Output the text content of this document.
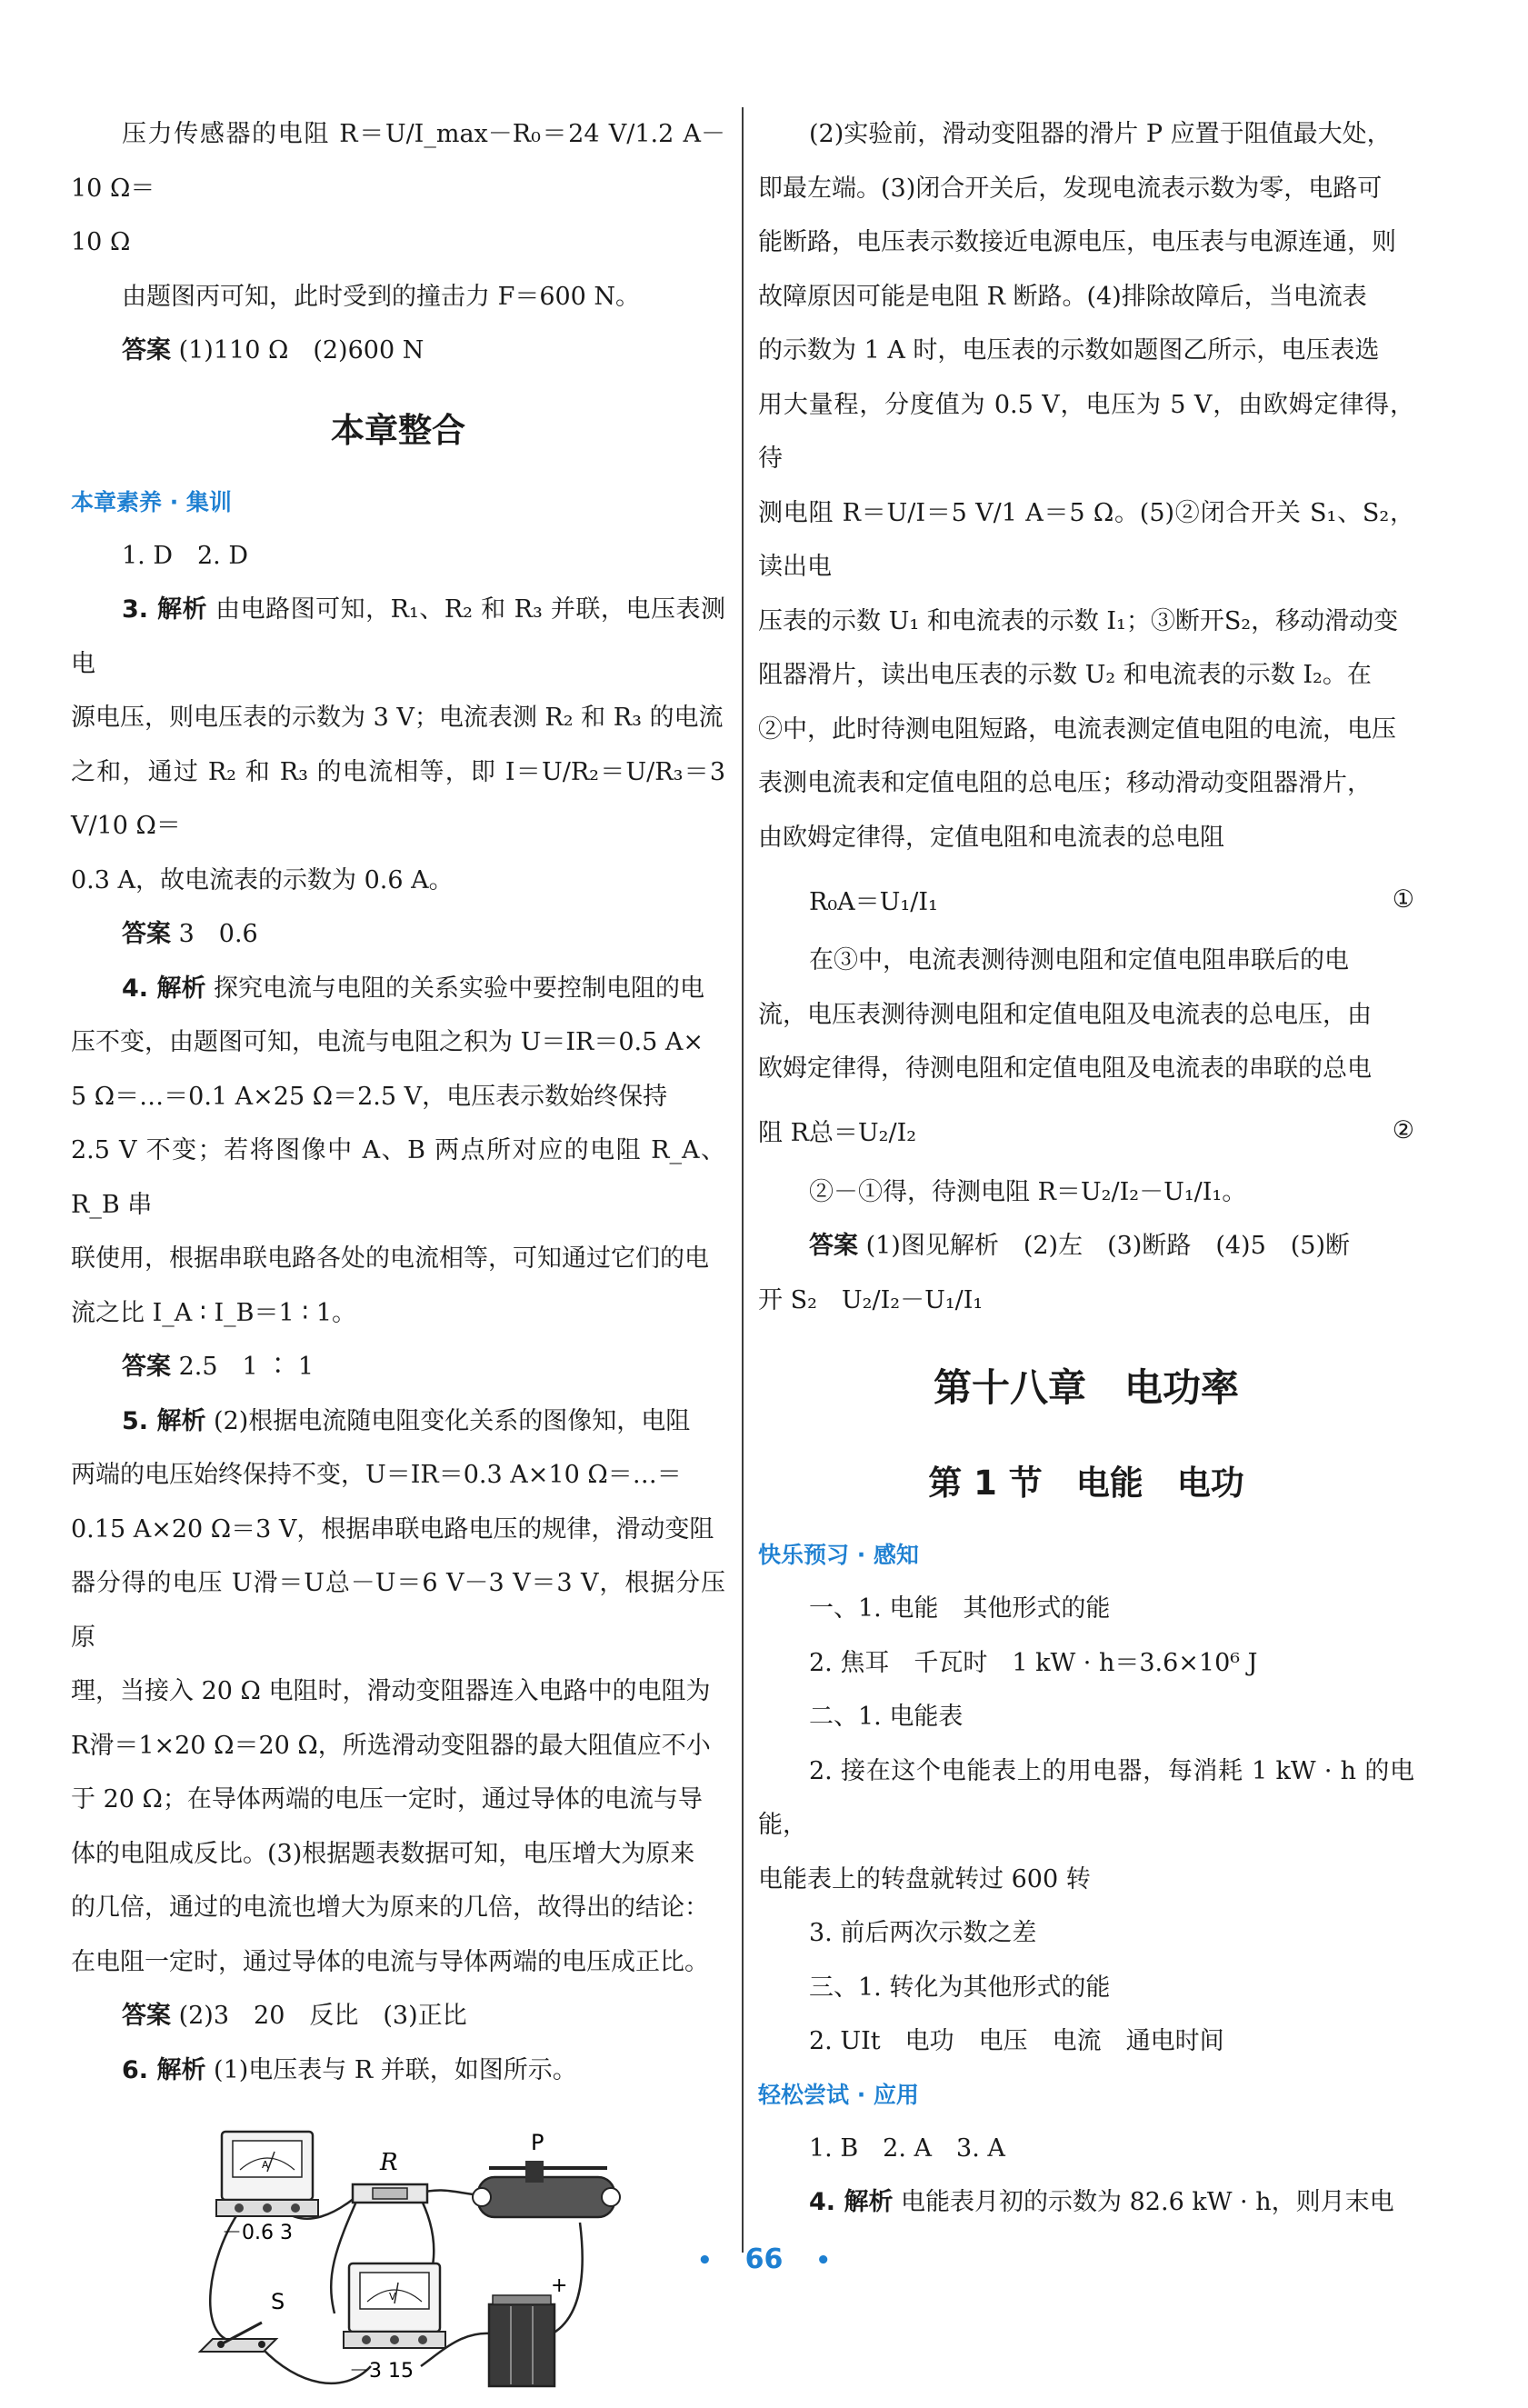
压力传感器的电阻 R＝U/I_max－R₀＝24 V/1.2 A－10 Ω＝

10 Ω

由题图丙可知，此时受到的撞击力 F＝600 N。

答案 (1)110 Ω　(2)600 N

本章整合
本章素养 · 集训

1. D　2. D

3. 解析 由电路图可知，R₁、R₂ 和 R₃ 并联，电压表测电

源电压，则电压表的示数为 3 V；电流表测 R₂ 和 R₃ 的电流

之和，通过 R₂ 和 R₃ 的电流相等，即 I＝U/R₂＝U/R₃＝3 V/10 Ω＝

0.3 A，故电流表的示数为 0.6 A。

答案 3　0.6

4. 解析 探究电流与电阻的关系实验中要控制电阻的电

压不变，由题图可知，电流与电阻之积为 U＝IR＝0.5 A×

5 Ω＝…＝0.1 A×25 Ω＝2.5 V，电压表示数始终保持

2.5 V 不变；若将图像中 A、B 两点所对应的电阻 R_A、R_B 串

联使用，根据串联电路各处的电流相等，可知通过它们的电

流之比 I_A ∶ I_B＝1 ∶ 1。

答案 2.5　1 ∶ 1

5. 解析 (2)根据电流随电阻变化关系的图像知，电阻

两端的电压始终保持不变，U＝IR＝0.3 A×10 Ω＝…＝

0.15 A×20 Ω＝3 V，根据串联电路电压的规律，滑动变阻

器分得的电压 U滑＝U总－U＝6 V－3 V＝3 V，根据分压原

理，当接入 20 Ω 电阻时，滑动变阻器连入电路中的电阻为

R滑＝1×20 Ω＝20 Ω，所选滑动变阻器的最大阻值应不小

于 20 Ω；在导体两端的电压一定时，通过导体的电流与导

体的电阻成反比。(3)根据题表数据可知，电压增大为原来

的几倍，通过的电流也增大为原来的几倍，故得出的结论：

在电阻一定时，通过导体的电流与导体两端的电压成正比。

答案 (2)3　20　反比　(3)正比

6. 解析 (1)电压表与 R 并联，如图所示。

A
－0.6 3
R
P
V
－3 15
S
+

(2)实验前，滑动变阻器的滑片 P 应置于阻值最大处，

即最左端。(3)闭合开关后，发现电流表示数为零，电路可

能断路，电压表示数接近电源电压，电压表与电源连通，则

故障原因可能是电阻 R 断路。(4)排除故障后，当电流表

的示数为 1 A 时，电压表的示数如题图乙所示，电压表选

用大量程，分度值为 0.5 V，电压为 5 V，由欧姆定律得，待

测电阻 R＝U/I＝5 V/1 A＝5 Ω。(5)②闭合开关 S₁、S₂，读出电

压表的示数 U₁ 和电流表的示数 I₁；③断开S₂，移动滑动变

阻器滑片，读出电压表的示数 U₂ 和电流表的示数 I₂。在

②中，此时待测电阻短路，电流表测定值电阻的电流，电压

表测电流表和定值电阻的总电压；移动滑动变阻器滑片，

由欧姆定律得，定值电阻和电流表的总电阻

R₀A＝U₁/I₁	①

在③中，电流表测待测电阻和定值电阻串联后的电

流，电压表测待测电阻和定值电阻及电流表的总电压，由

欧姆定律得，待测电阻和定值电阻及电流表的串联的总电

阻 R总＝U₂/I₂	②

②－①得，待测电阻 R＝U₂/I₂－U₁/I₁。

答案 (1)图见解析　(2)左　(3)断路　(4)5　(5)断

开 S₂　U₂/I₂－U₁/I₁

第十八章　电功率
第 1 节　电能　电功
快乐预习 · 感知

一、1. 电能　其他形式的能

2. 焦耳　千瓦时　1 kW · h＝3.6×10⁶ J

二、1. 电能表

2. 接在这个电能表上的用电器，每消耗 1 kW · h 的电能，

电能表上的转盘就转过 600 转

3. 前后两次示数之差

三、1. 转化为其他形式的能

2. UIt　电功　电压　电流　通电时间

轻松尝试 · 应用

1. B　2. A　3. A

4. 解析 电能表月初的示数为 82.6 kW · h，则月末电

• 66 •
